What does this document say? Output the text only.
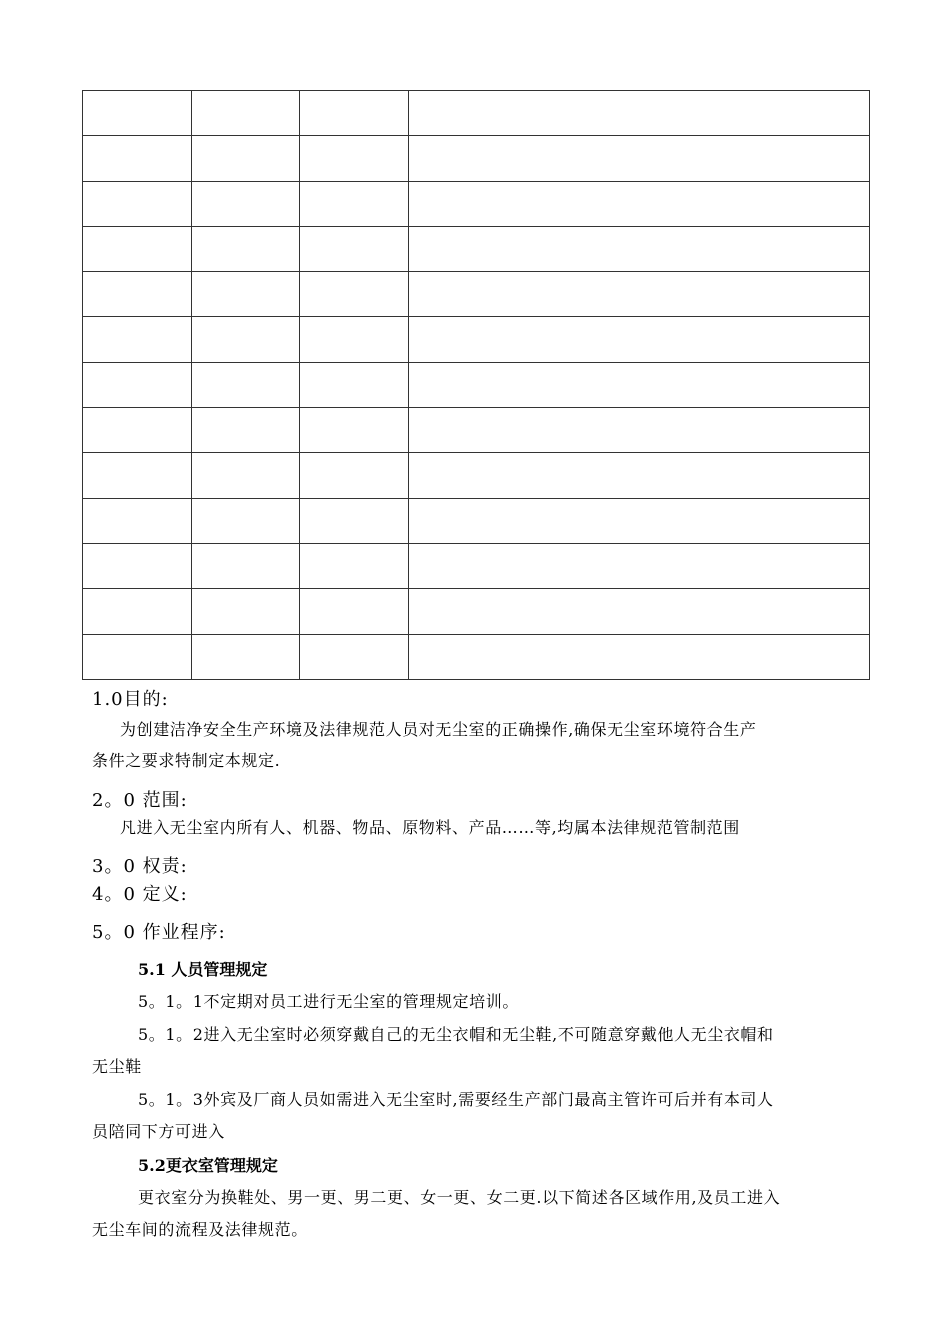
1.0目的:
为创建洁净安全生产环境及法律规范人员对无尘室的正确操作,确保无尘室环境符合生产
条件之要求特制定本规定.
2。0 范围:
凡进入无尘室内所有人、机器、物品、原物料、产品……等,均属本法律规范管制范围
3。0 权责:
4。0 定义:
5。0 作业程序:
5.1 人员管理规定
5。1。1不定期对员工进行无尘室的管理规定培训。
5。1。2进入无尘室时必须穿戴自己的无尘衣帽和无尘鞋,不可随意穿戴他人无尘衣帽和
无尘鞋
5。1。3外宾及厂商人员如需进入无尘室时,需要经生产部门最高主管许可后并有本司人
员陪同下方可进入
5.2更衣室管理规定
更衣室分为换鞋处、男一更、男二更、女一更、女二更.以下简述各区域作用,及员工进入
无尘车间的流程及法律规范。
